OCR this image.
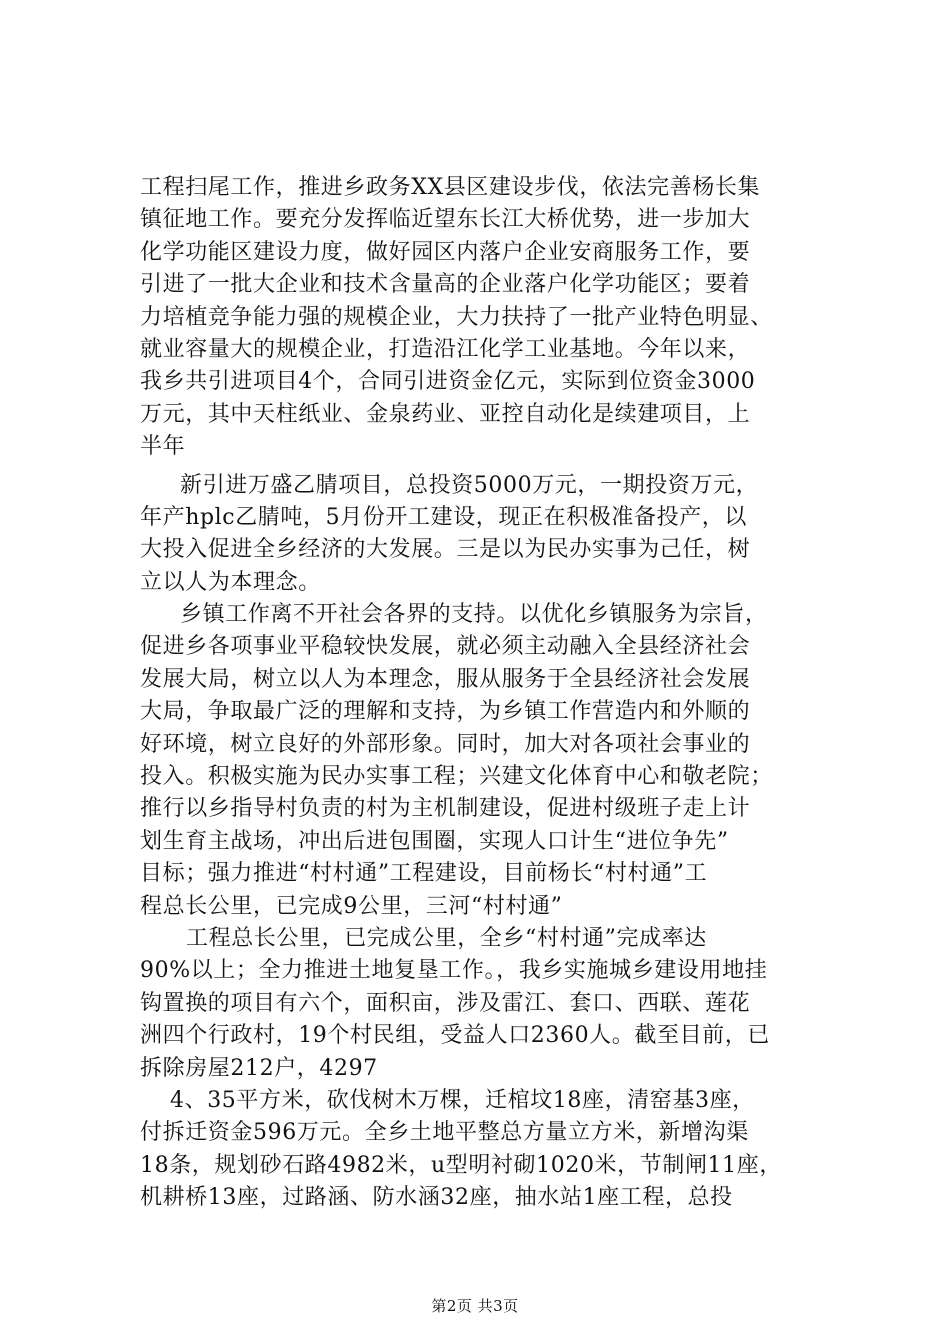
工程扫尾工作，推进乡政务XX县区建设步伐，依法完善杨长集
镇征地工作。要充分发挥临近望东长江大桥优势，进一步加大
化学功能区建设力度，做好园区内落户企业安商服务工作，要
引进了一批大企业和技术含量高的企业落户化学功能区；要着
力培植竞争能力强的规模企业，大力扶持了一批产业特色明显、
就业容量大的规模企业，打造沿江化学工业基地。今年以来，
我乡共引进项目4个，合同引进资金亿元，实际到位资金3000
万元，其中天柱纸业、金泉药业、亚控自动化是续建项目，上
半年
新引进万盛乙腈项目，总投资5000万元，一期投资万元，
年产hplc乙腈吨，5月份开工建设，现正在积极准备投产，以
大投入促进全乡经济的大发展。三是以为民办实事为己任，树
立以人为本理念。
乡镇工作离不开社会各界的支持。以优化乡镇服务为宗旨，
促进乡各项事业平稳较快发展，就必须主动融入全县经济社会
发展大局，树立以人为本理念，服从服务于全县经济社会发展
大局，争取最广泛的理解和支持，为乡镇工作营造内和外顺的
好环境，树立良好的外部形象。同时，加大对各项社会事业的
投入。积极实施为民办实事工程；兴建文化体育中心和敬老院；
推行以乡指导村负责的村为主机制建设，促进村级班子走上计
划生育主战场，冲出后进包围圈，实现人口计生“进位争先”
目标；强力推进“村村通”工程建设，目前杨长“村村通”工
程总长公里，已完成9公里，三河“村村通”
工程总长公里，已完成公里，全乡“村村通”完成率达
90%以上；全力推进土地复垦工作。，我乡实施城乡建设用地挂
钩置换的项目有六个，面积亩，涉及雷江、套口、西联、莲花
洲四个行政村，19个村民组，受益人口2360人。截至目前，已
拆除房屋212户，4297
4、35平方米，砍伐树木万棵，迁棺坟18座，清窑基3座，
付拆迁资金596万元。全乡土地平整总方量立方米，新增沟渠
18条，规划砂石路4982米，u型明衬砌1020米，节制闸11座，
机耕桥13座，过路涵、防水涵32座，抽水站1座工程，总投
第2页 共3页
